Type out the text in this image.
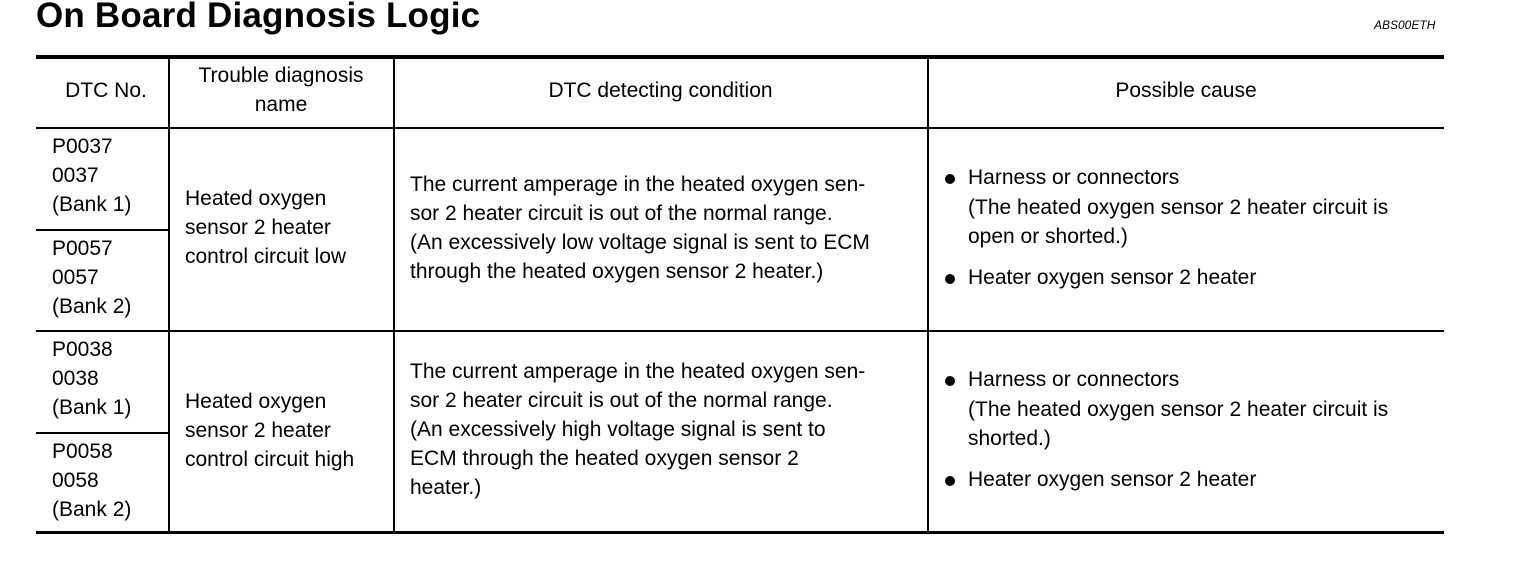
On Board Diagnosis Logic	ABS00ETH
DTC No.
Trouble diagnosis
name
DTC detecting condition	Possible cause
P0037
0037
(Bank 1)
P0057
0057
(Bank 2)
Heated oxygen
sensor 2 heater
control circuit low
The current amperage in the heated oxygen sen-
sor 2 heater circuit is out of the normal range.
(An excessively low voltage signal is sent to ECM
through the heated oxygen sensor 2 heater.)
Harness or connectors
(The heated oxygen sensor 2 heater circuit is
open or shorted.)
Heater oxygen sensor 2 heater
P0038
0038
(Bank 1)
P0058
0058
(Bank 2)
Heated oxygen
sensor 2 heater
control circuit high
The current amperage in the heated oxygen sen-
sor 2 heater circuit is out of the normal range.
(An excessively high voltage signal is sent to
ECM through the heated oxygen sensor 2
heater.)
Harness or connectors
(The heated oxygen sensor 2 heater circuit is
shorted.)
Heater oxygen sensor 2 heater
